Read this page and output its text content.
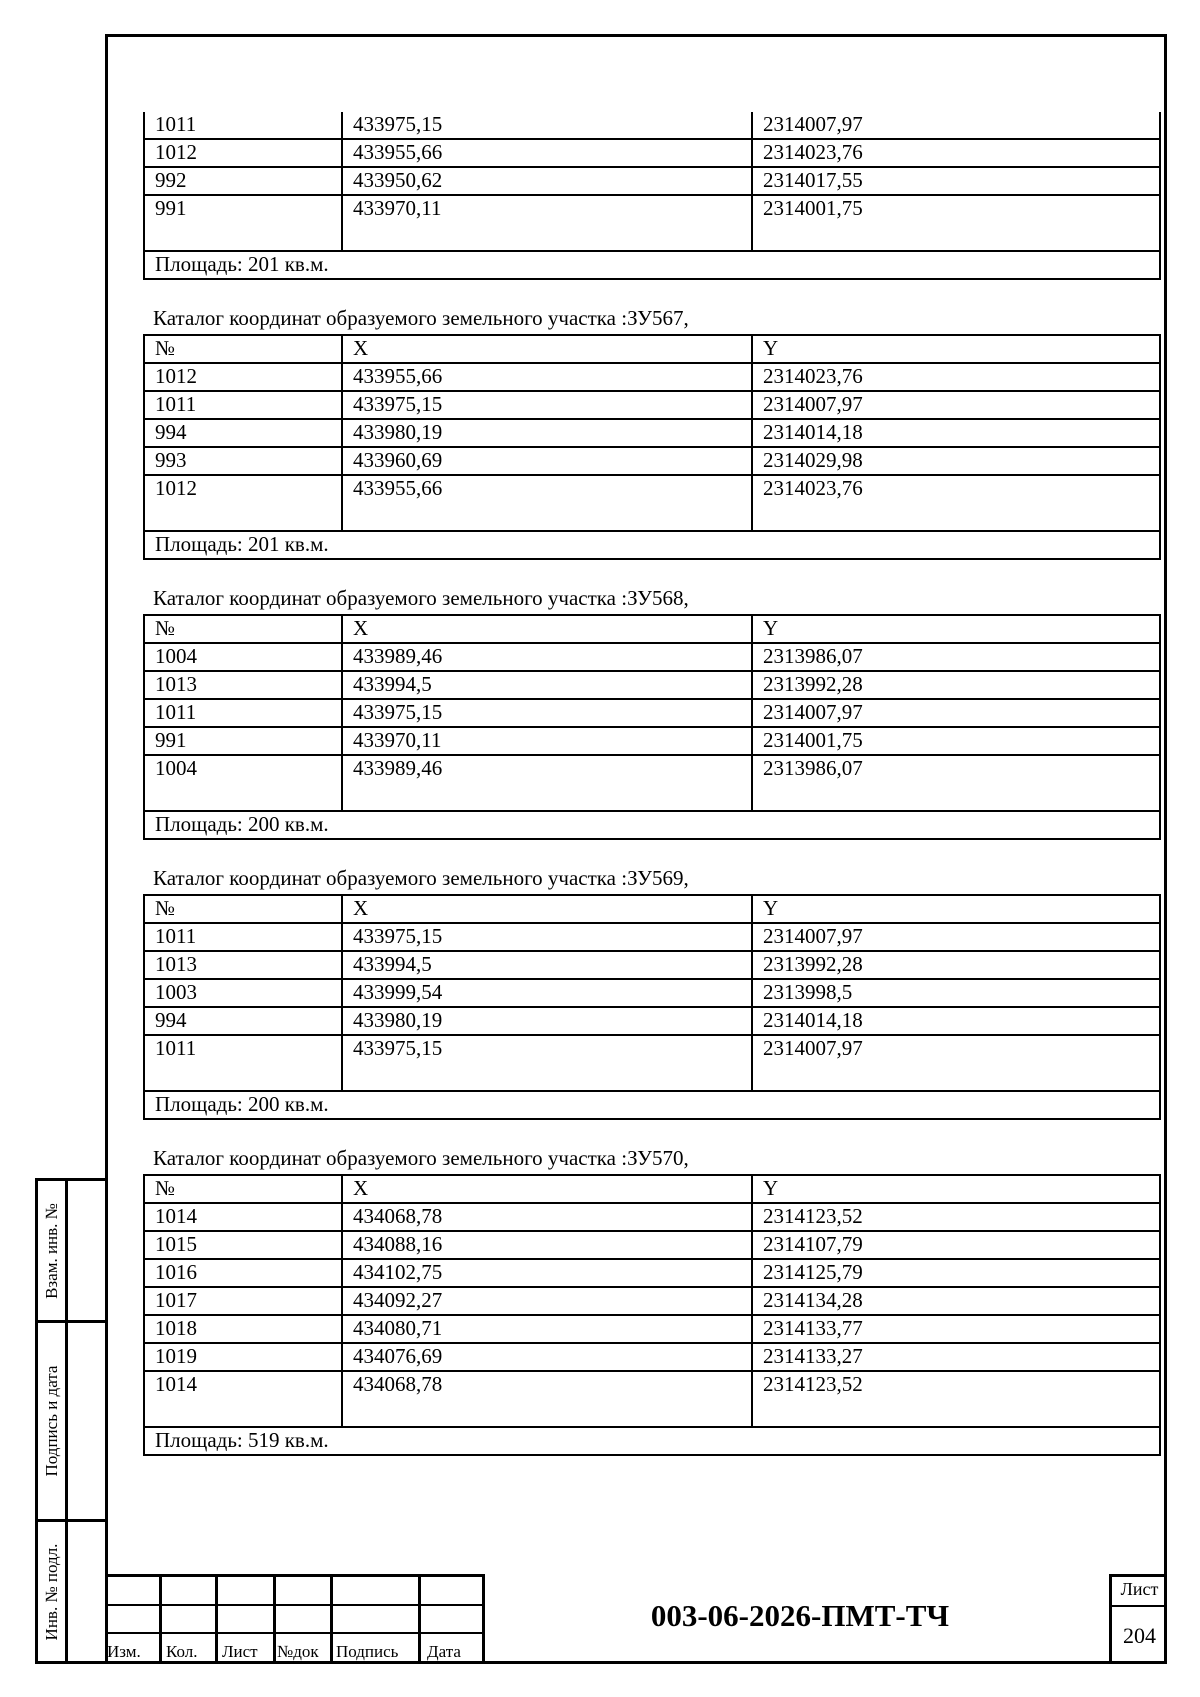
Взам. инв. №
Подпись и дата
Инв. № подл.
1011	433975,15	2314007,97
1012	433955,66	2314023,76
992	433950,62	2314017,55
991	433970,11	2314001,75
Площадь: 201 кв.м.		
Каталог координат образуемого земельного участка :ЗУ567,
№	X	Y
1012	433955,66	2314023,76
1011	433975,15	2314007,97
994	433980,19	2314014,18
993	433960,69	2314029,98
1012	433955,66	2314023,76
Площадь: 201 кв.м.		
Каталог координат образуемого земельного участка :ЗУ568,
№	X	Y
1004	433989,46	2313986,07
1013	433994,5	2313992,28
1011	433975,15	2314007,97
991	433970,11	2314001,75
1004	433989,46	2313986,07
Площадь: 200 кв.м.		
Каталог координат образуемого земельного участка :ЗУ569,
№	X	Y
1011	433975,15	2314007,97
1013	433994,5	2313992,28
1003	433999,54	2313998,5
994	433980,19	2314014,18
1011	433975,15	2314007,97
Площадь: 200 кв.м.		
Каталог координат образуемого земельного участка :ЗУ570,
№	X	Y
1014	434068,78	2314123,52
1015	434088,16	2314107,79
1016	434102,75	2314125,79
1017	434092,27	2314134,28
1018	434080,71	2314133,77
1019	434076,69	2314133,27
1014	434068,78	2314123,52
Площадь: 519 кв.м.		
Изм. Кол. Лист №док Подпись Дата
003-06-2026-ПМТ-ТЧ
Лист
204
